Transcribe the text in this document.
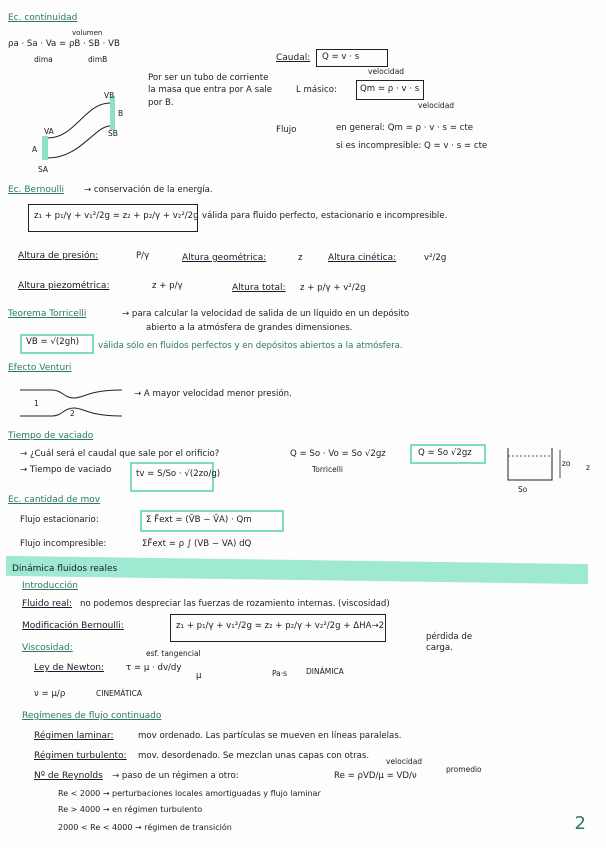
Ec. continuidad
volumen
ρa · Sa · Va = ρB · SB · VB
dima	dimB
Por ser un tubo de corriente la masa que entra por A sale por B.
VB
B
SB
VA
A
SA
Caudal: Q = v · s
velocidad
L másico:	Qm = ρ · v · s
velocidad
Flujo	en general: Qm = ρ · v · s = cte
si es incompresible: Q = v · s = cte
Ec. Bernoulli → conservación de la energía.
z₁ + p₁/γ + v₁²/2g = z₂ + p₂/γ + v₂²/2g válida para fluido perfecto, estacionario e incompresible.
Altura de presión:	P/γ	Altura geométrica:	z	Altura cinética:	v²/2g
Altura piezométrica:	z + p/γ	Altura total: z + p/γ + v²/2g
Teorema Torricelli	→ para calcular la velocidad de salida de un líquido en un depósito
abierto a la atmósfera de grandes dimensiones.
VB = √(2gh) válida sólo en fluidos perfectos y en depósitos abiertos a la atmósfera.
Efecto Venturi
1
2
→ A mayor velocidad menor presión.
Tiempo de vaciado
→ ¿Cuál será el caudal que sale por el orificio?	Q = So · Vo = So √2gz	Q = So √2gz
Torricelli
→ Tiempo de vaciado	tv = S/So · √(2zo/g)
zo z
So
Ec. cantidad de mov
Flujo estacionario:	Σ F̄ext = (V̄B − V̄A) · Qm
Flujo incompresible:	ΣF̄ext = ρ ∫ (VB − VA) dQ
Dinámica fluidos reales
Introducción
Fluido real: no podemos despreciar las fuerzas de rozamiento internas. (viscosidad)
Modificación Bernoulli:	z₁ + p₁/γ + v₁²/2g = z₂ + p₂/γ + v₂²/2g + ΔHA→2
pérdida de carga.
Viscosidad:
Ley de Newton:	τ = μ · dv/dy
esf. tangencial
μ	Pa·s	DINÁMICA
ν = μ/ρ	CINEMÁTICA
Regímenes de flujo continuado
Régimen laminar:	mov ordenado. Las partículas se mueven en líneas paralelas.
Régimen turbulento: mov. desordenado. Se mezclan unas capas con otras.
Nº de Reynolds → paso de un régimen a otro:	Re = ρVD/μ = VD/ν
velocidad
promedio
Re < 2000 → perturbaciones locales amortiguadas y flujo laminar
Re > 4000 → en régimen turbulento
2000 < Re < 4000 → régimen de transición	2
